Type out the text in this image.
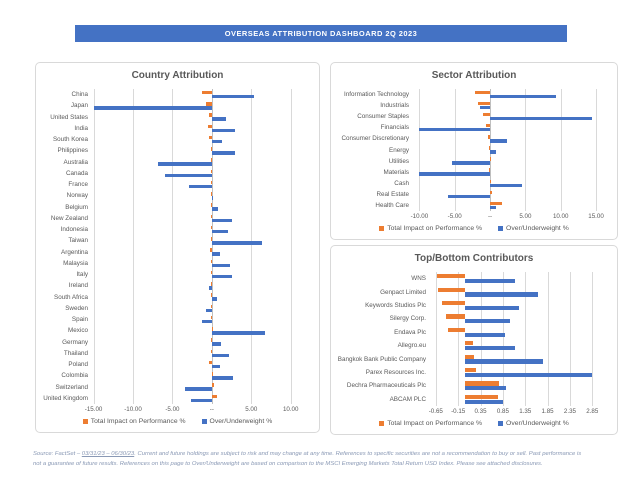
OVERSEAS ATTRIBUTION DASHBOARD 2Q 2023
Country Attribution
China
Japan
United States
India
South Korea
Philippines
Australia
Canada
France
Norway
Belgium
New Zealand
Indonesia
Taiwan
Argentina
Malaysia
Italy
Ireland
South Africa
Sweden
Spain
Mexico
Germany
Thailand
Poland
Colombia
Switzerland
United Kingdom
-15.00	-10.00	-5.00	--	5.00	10.00
Total Impact on Performance %	Over/Underweight %
Sector Attribution
Information Technology
Industrials
Consumer Staples
Financials
Consumer Discretionary
Energy
Utilities
Materials
Cash
Real Estate
Health Care
-10.00	-5.00	--	5.00	10.00	15.00
Total Impact on Performance %	Over/Underweight %
Top/Bottom Contributors
WNS
Genpact Limited
Keywords Studios Plc
Silergy Corp.
Endava Plc
Allegro.eu
Bangkok Bank Public Company
Parex Resources Inc.
Dechra Pharmaceuticals Plc
ABCAM PLC
-0.65 -0.15 0.35 0.85 1.35 1.85 2.35 2.85
Total Impact on Performance %	Over/Underweight %
Source: FactSet – 03/31/23 – 06/30/23. Current and future holdings are subject to risk and may change at any time. References to specific securities are not a recommendation to buy or sell. Past performance is
not a guarantee of future results. References on this page to Over/Underweight are based on comparison to the MSCI Emerging Markets Total Return USD Index. Please see attached disclosures.
